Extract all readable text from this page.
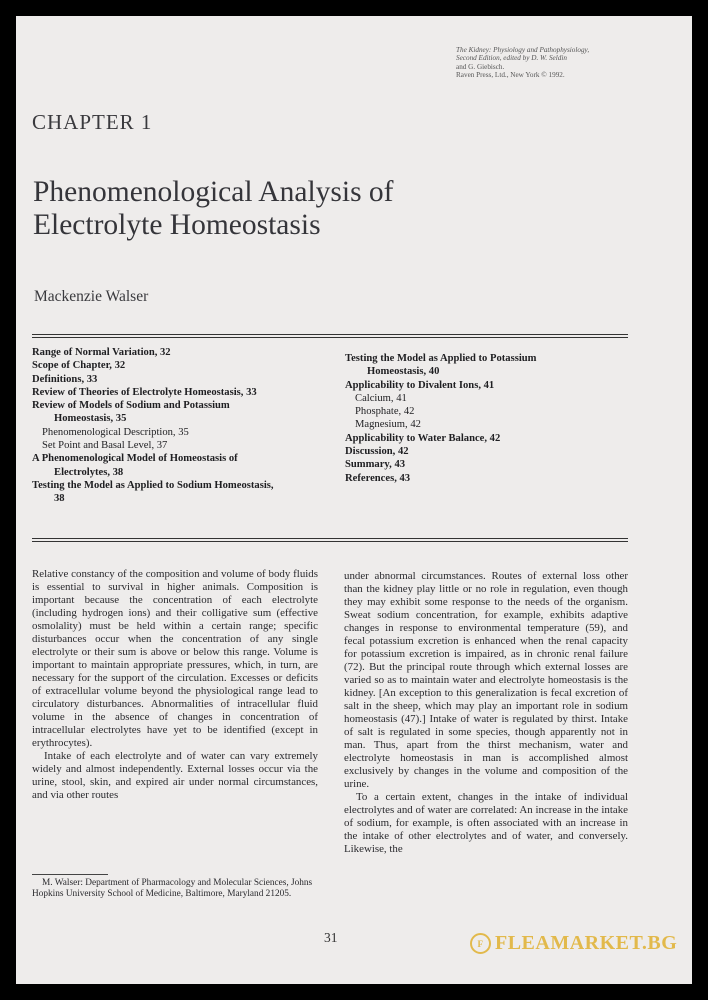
The Kidney: Physiology and Pathophysiology,
Second Edition, edited by D. W. Seldin
and G. Giebisch.
Raven Press, Ltd., New York © 1992.
CHAPTER 1
Phenomenological Analysis of
Electrolyte Homeostasis
Mackenzie Walser
Range of Normal Variation, 32
Scope of Chapter, 32
Definitions, 33
Review of Theories of Electrolyte Homeostasis, 33
Review of Models of Sodium and Potassium
Homeostasis, 35
Phenomenological Description, 35
Set Point and Basal Level, 37
A Phenomenological Model of Homeostasis of
Electrolytes, 38
Testing the Model as Applied to Sodium Homeostasis,
38
Testing the Model as Applied to Potassium
Homeostasis, 40
Applicability to Divalent Ions, 41
Calcium, 41
Phosphate, 42
Magnesium, 42
Applicability to Water Balance, 42
Discussion, 42
Summary, 43
References, 43

Relative constancy of the composition and volume of body fluids is essential to survival in higher animals. Composition is important because the concentration of each electrolyte (including hydrogen ions) and their colligative sum (effective osmolality) must be held within a certain range; specific disturbances occur when the concentration of any single electrolyte or their sum is above or below this range. Volume is important to maintain appropriate pressures, which, in turn, are necessary for the support of the circulation. Excesses or deficits of extracellular volume beyond the physiological range lead to circulatory disturbances. Abnormalities of intracellular fluid volume in the absence of changes in concentration of intracellular electrolytes have yet to be identified (except in erythrocytes).

Intake of each electrolyte and of water can vary extremely widely and almost independently. External losses occur via the urine, stool, skin, and expired air under normal circumstances, and via other routes

under abnormal circumstances. Routes of external loss other than the kidney play little or no role in regulation, even though they may exhibit some response to the needs of the organism. Sweat sodium concentration, for example, exhibits adaptive changes in response to environmental temperature (59), and fecal potassium excretion is enhanced when the renal capacity for potassium excretion is impaired, as in chronic renal failure (72). But the principal route through which external losses are varied so as to maintain water and electrolyte homeostasis is the kidney. [An exception to this generalization is fecal excretion of salt in the sheep, which may play an important role in sodium homeostasis (47).] Intake of water is regulated by thirst. Intake of salt is regulated in some species, though apparently not in man. Thus, apart from the thirst mechanism, water and electrolyte homeostasis in man is accomplished almost exclusively by changes in the volume and composition of the urine.

To a certain extent, changes in the intake of individual electrolytes and of water are correlated: An increase in the intake of sodium, for example, is often associated with an increase in the intake of other electrolytes and of water, and conversely. Likewise, the

M. Walser: Department of Pharmacology and Molecular Sciences, Johns Hopkins University School of Medicine, Baltimore, Maryland 21205.
31	F FLEAMARKET.BG
